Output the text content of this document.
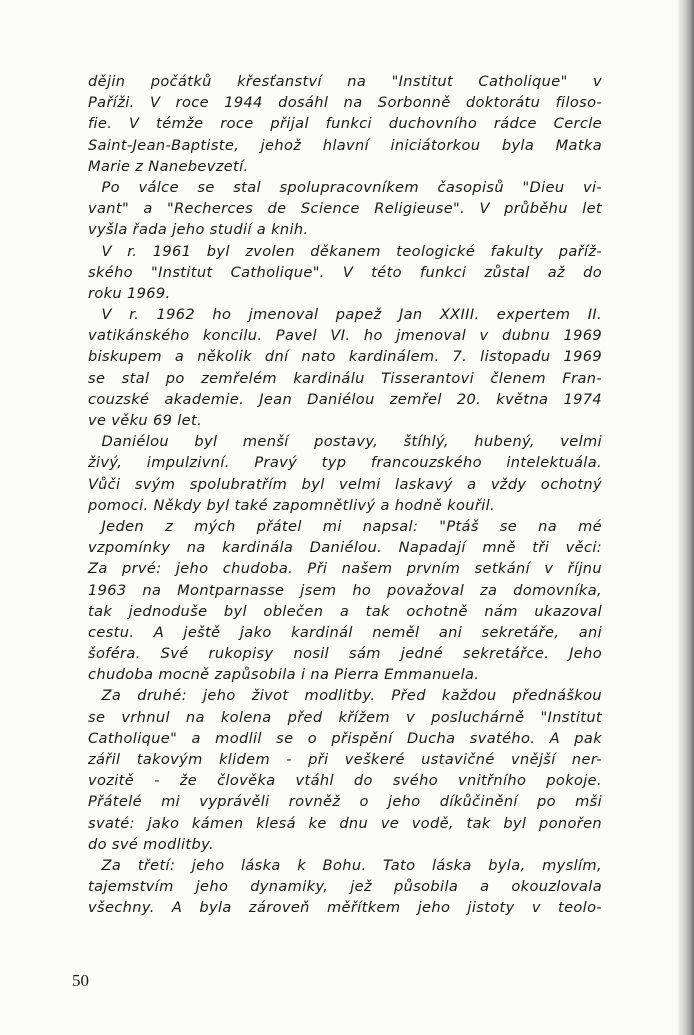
dějin počátků křesťanství na "Institut Catholique" v
Paříži. V roce 1944 dosáhl na Sorbonně doktorátu filoso-
fie. V témže roce přijal funkci duchovního rádce Cercle
Saint-Jean-Baptiste, jehož hlavní iniciátorkou byla Matka
Marie z Nanebevzetí.
Po válce se stal spolupracovníkem časopisů "Dieu vi-
vant" a "Recherces de Science Religieuse". V průběhu let
vyšla řada jeho studií a knih.
V r. 1961 byl zvolen děkanem teologické fakulty paříž-
ského "Institut Catholique". V této funkci zůstal až do
roku 1969.
V r. 1962 ho jmenoval papež Jan XXIII. expertem II.
vatikánského koncilu. Pavel VI. ho jmenoval v dubnu 1969
biskupem a několik dní nato kardinálem. 7. listopadu 1969
se stal po zemřelém kardinálu Tisserantovi členem Fran-
couzské akademie. Jean Daniélou zemřel 20. května 1974
ve věku 69 let.
Daniélou byl menší postavy, štíhlý, hubený, velmi
živý, impulzivní. Pravý typ francouzského intelektuála.
Vůči svým spolubratřím byl velmi laskavý a vždy ochotný
pomoci. Někdy byl také zapomnětlivý a hodně kouřil.
Jeden z mých přátel mi napsal: "Ptáš se na mé
vzpomínky na kardinála Daniélou. Napadají mně tři věci:
Za prvé: jeho chudoba. Při našem prvním setkání v říjnu
1963 na Montparnasse jsem ho považoval za domovníka,
tak jednoduše byl oblečen a tak ochotně nám ukazoval
cestu. A ještě jako kardinál neměl ani sekretáře, ani
šoféra. Své rukopisy nosil sám jedné sekretářce. Jeho
chudoba mocně zapůsobila i na Pierra Emmanuela.
Za druhé: jeho život modlitby. Před každou přednáškou
se vrhnul na kolena před křížem v posluchárně "Institut
Catholique" a modlil se o přispění Ducha svatého. A pak
zářil takovým klidem - při veškeré ustavičné vnější ner-
vozitě - že člověka vtáhl do svého vnitřního pokoje.
Přátelé mi vyprávěli rovněž o jeho díkůčinění po mši
svaté: jako kámen klesá ke dnu ve vodě, tak byl ponořen
do své modlitby.
Za třetí: jeho láska k Bohu. Tato láska byla, myslím,
tajemstvím jeho dynamiky, jež působila a okouzlovala
všechny. A byla zároveň měřítkem jeho jistoty v teolo-
50
